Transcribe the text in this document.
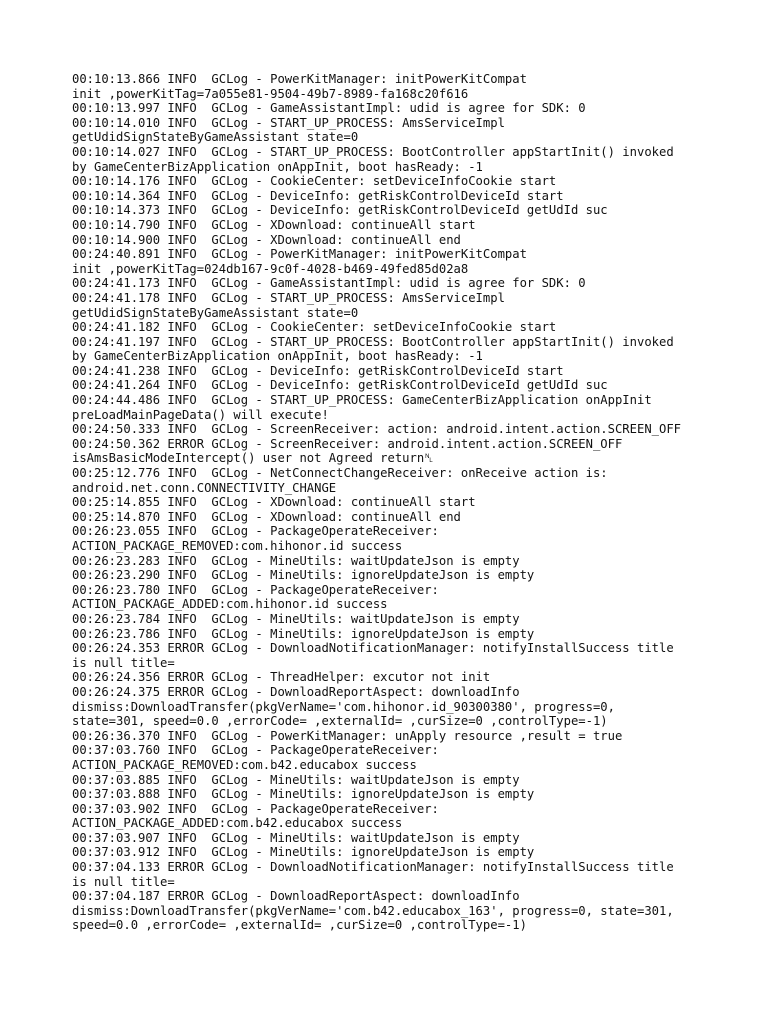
00:10:13.866 INFO  GCLog - PowerKitManager: initPowerKitCompat
init ,powerKitTag=7a055e81-9504-49b7-8989-fa168c20f616
00:10:13.997 INFO  GCLog - GameAssistantImpl: udid is agree for SDK: 0
00:10:14.010 INFO  GCLog - START_UP_PROCESS: AmsServiceImpl
getUdidSignStateByGameAssistant state=0
00:10:14.027 INFO  GCLog - START_UP_PROCESS: BootController appStartInit() invoked
by GameCenterBizApplication onAppInit, boot hasReady: -1
00:10:14.176 INFO  GCLog - CookieCenter: setDeviceInfoCookie start
00:10:14.364 INFO  GCLog - DeviceInfo: getRiskControlDeviceId start
00:10:14.373 INFO  GCLog - DeviceInfo: getRiskControlDeviceId getUdId suc
00:10:14.790 INFO  GCLog - XDownload: continueAll start
00:10:14.900 INFO  GCLog - XDownload: continueAll end
00:24:40.891 INFO  GCLog - PowerKitManager: initPowerKitCompat
init ,powerKitTag=024db167-9c0f-4028-b469-49fed85d02a8
00:24:41.173 INFO  GCLog - GameAssistantImpl: udid is agree for SDK: 0
00:24:41.178 INFO  GCLog - START_UP_PROCESS: AmsServiceImpl
getUdidSignStateByGameAssistant state=0
00:24:41.182 INFO  GCLog - CookieCenter: setDeviceInfoCookie start
00:24:41.197 INFO  GCLog - START_UP_PROCESS: BootController appStartInit() invoked
by GameCenterBizApplication onAppInit, boot hasReady: -1
00:24:41.238 INFO  GCLog - DeviceInfo: getRiskControlDeviceId start
00:24:41.264 INFO  GCLog - DeviceInfo: getRiskControlDeviceId getUdId suc
00:24:44.486 INFO  GCLog - START_UP_PROCESS: GameCenterBizApplication onAppInit
preLoadMainPageData() will execute!
00:24:50.333 INFO  GCLog - ScreenReceiver: action: android.intent.action.SCREEN_OFF
00:24:50.362 ERROR GCLog - ScreenReceiver: android.intent.action.SCREEN_OFF
isAmsBasicModeIntercept() user not Agreed return␤
00:25:12.776 INFO  GCLog - NetConnectChangeReceiver: onReceive action is:
android.net.conn.CONNECTIVITY_CHANGE
00:25:14.855 INFO  GCLog - XDownload: continueAll start
00:25:14.870 INFO  GCLog - XDownload: continueAll end
00:26:23.055 INFO  GCLog - PackageOperateReceiver:
ACTION_PACKAGE_REMOVED:com.hihonor.id success
00:26:23.283 INFO  GCLog - MineUtils: waitUpdateJson is empty
00:26:23.290 INFO  GCLog - MineUtils: ignoreUpdateJson is empty
00:26:23.780 INFO  GCLog - PackageOperateReceiver:
ACTION_PACKAGE_ADDED:com.hihonor.id success
00:26:23.784 INFO  GCLog - MineUtils: waitUpdateJson is empty
00:26:23.786 INFO  GCLog - MineUtils: ignoreUpdateJson is empty
00:26:24.353 ERROR GCLog - DownloadNotificationManager: notifyInstallSuccess title
is null title=
00:26:24.356 ERROR GCLog - ThreadHelper: excutor not init
00:26:24.375 ERROR GCLog - DownloadReportAspect: downloadInfo
dismiss:DownloadTransfer(pkgVerName='com.hihonor.id_90300380', progress=0,
state=301, speed=0.0 ,errorCode= ,externalId= ,curSize=0 ,controlType=-1)
00:26:36.370 INFO  GCLog - PowerKitManager: unApply resource ,result = true
00:37:03.760 INFO  GCLog - PackageOperateReceiver:
ACTION_PACKAGE_REMOVED:com.b42.educabox success
00:37:03.885 INFO  GCLog - MineUtils: waitUpdateJson is empty
00:37:03.888 INFO  GCLog - MineUtils: ignoreUpdateJson is empty
00:37:03.902 INFO  GCLog - PackageOperateReceiver:
ACTION_PACKAGE_ADDED:com.b42.educabox success
00:37:03.907 INFO  GCLog - MineUtils: waitUpdateJson is empty
00:37:03.912 INFO  GCLog - MineUtils: ignoreUpdateJson is empty
00:37:04.133 ERROR GCLog - DownloadNotificationManager: notifyInstallSuccess title
is null title=
00:37:04.187 ERROR GCLog - DownloadReportAspect: downloadInfo
dismiss:DownloadTransfer(pkgVerName='com.b42.educabox_163', progress=0, state=301,
speed=0.0 ,errorCode= ,externalId= ,curSize=0 ,controlType=-1)
